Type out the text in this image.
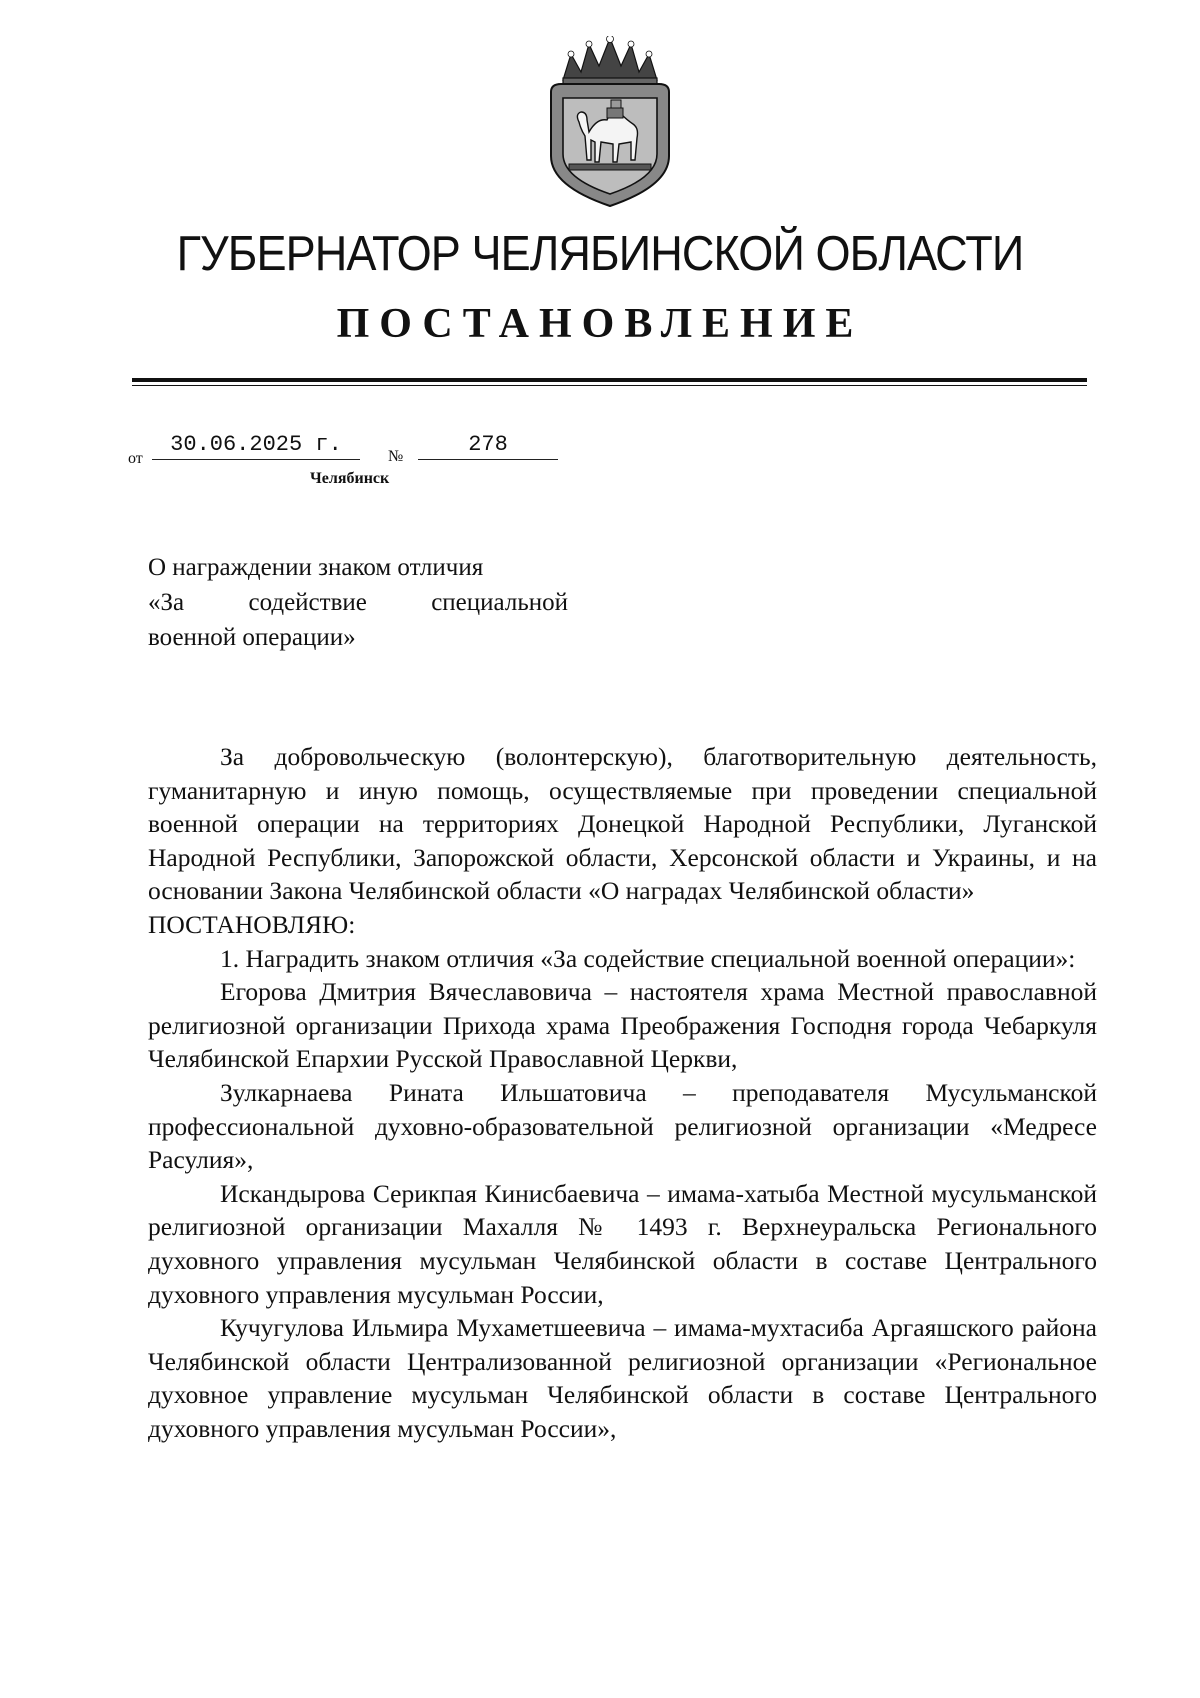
ГУБЕРНАТОР ЧЕЛЯБИНСКОЙ ОБЛАСТИ
ПОСТАНОВЛЕНИЕ
от
30.06.2025 г.	№	278
Челябинск
О награждении знаком отличия
«За содействие специальной
военной операции»

За добровольческую (волонтерскую), благотворительную деятельность, гуманитарную и иную помощь, осуществляемые при проведении специальной военной операции на территориях Донецкой Народной Республики, Луганской Народной Республики, Запорожской области, Херсонской области и Украины, и на основании Закона Челябинской области «О наградах Челябинской области»

ПОСТАНОВЛЯЮ:

1. Наградить знаком отличия «За содействие специальной военной операции»:

Егорова Дмитрия Вячеславовича – настоятеля храма Местной православной религиозной организации Прихода храма Преображения Господня города Чебаркуля Челябинской Епархии Русской Православной Церкви,

Зулкарнаева Рината Ильшатовича – преподавателя Мусульманской профессиональной духовно-образовательной религиозной организации «Медресе Расулия»,

Искандырова Серикпая Кинисбаевича – имама-хатыба Местной мусульманской религиозной организации Махалля № 1493 г. Верхнеуральска Регионального духовного управления мусульман Челябинской области в составе Центрального духовного управления мусульман России,

Кучугулова Ильмира Мухаметшеевича – имама-мухтасиба Аргаяшского района Челябинской области Централизованной религиозной организации «Региональное духовное управление мусульман Челябинской области в составе Центрального духовного управления мусульман России»,
